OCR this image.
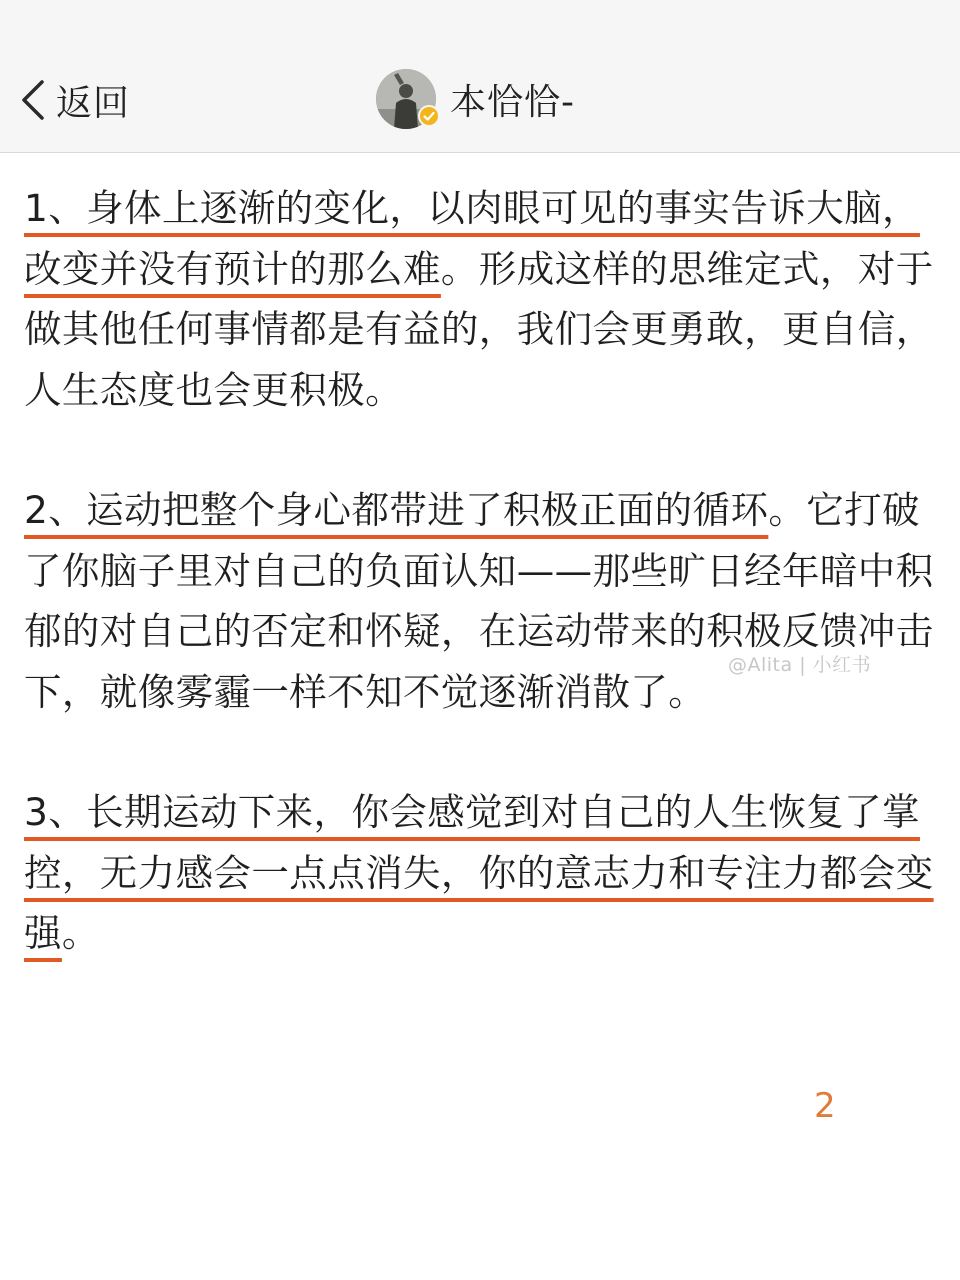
返回	本恰恰-

1、身体上逐渐的变化，以肉眼可见的事实告诉大脑，改变并没有预计的那么难。形成这样的思维定式，对于做其他任何事情都是有益的，我们会更勇敢，更自信，人生态度也会更积极。

2、运动把整个身心都带进了积极正面的循环。它打破了你脑子里对自己的负面认知——那些旷日经年暗中积郁的对自己的否定和怀疑，在运动带来的积极反馈冲击下，就像雾霾一样不知不觉逐渐消散了。

3、长期运动下来，你会感觉到对自己的人生恢复了掌控，无力感会一点点消失，你的意志力和专注力都会变强。

@Alita | 小红书
2
